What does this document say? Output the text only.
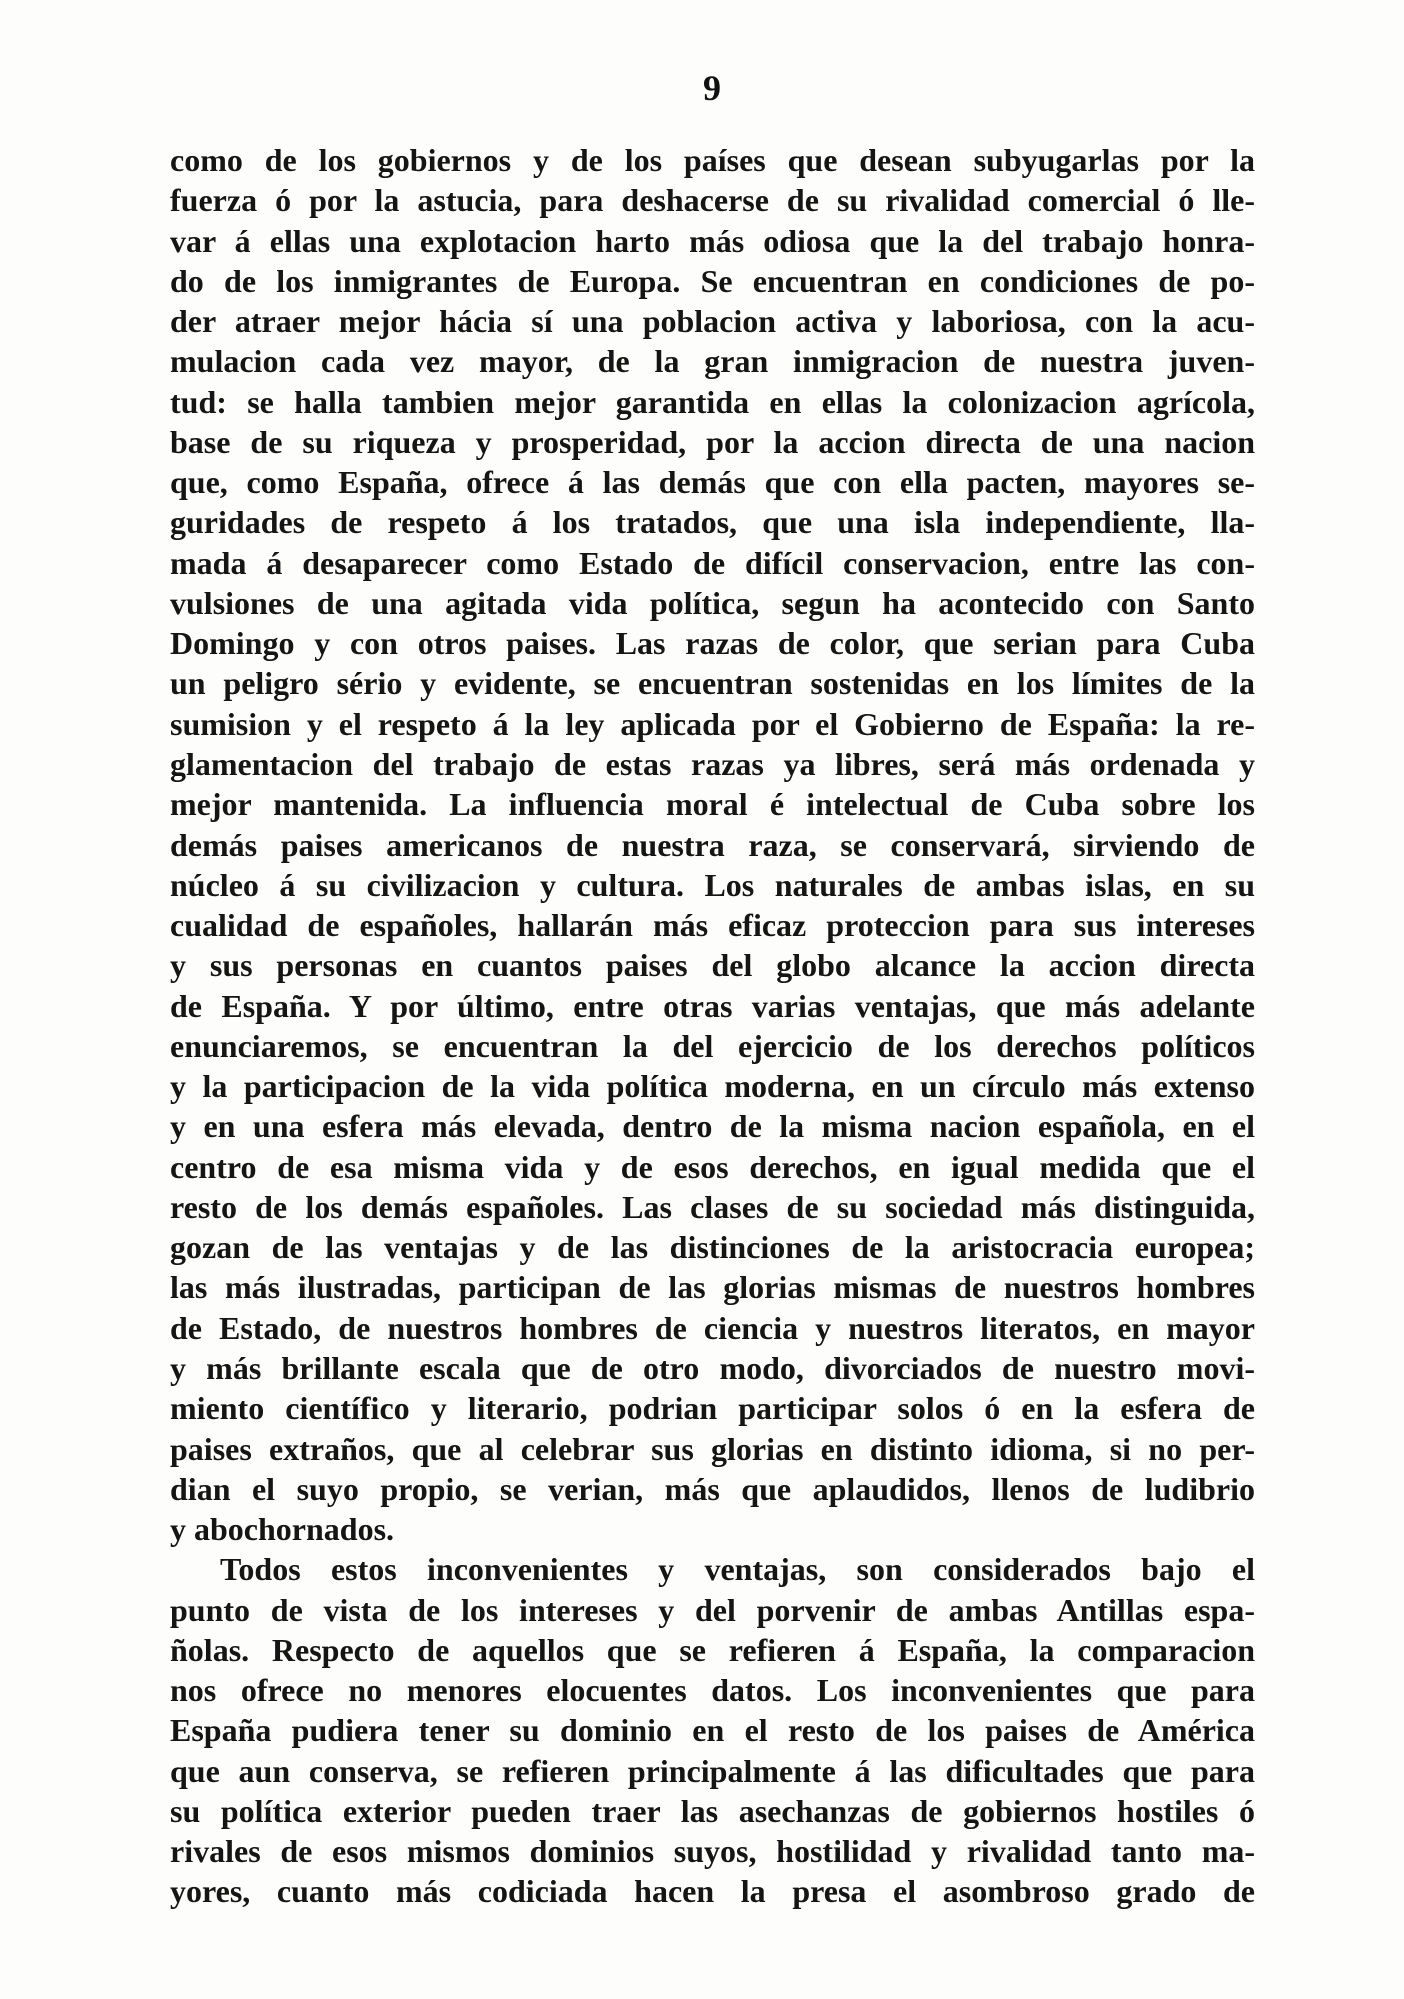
9
como de los gobiernos y de los países que desean subyugarlas por la
fuerza ó por la astucia, para deshacerse de su rivalidad comercial ó lle-
var á ellas una explotacion harto más odiosa que la del trabajo honra-
do de los inmigrantes de Europa. Se encuentran en condiciones de po-
der atraer mejor hácia sí una poblacion activa y laboriosa, con la acu-
mulacion cada vez mayor, de la gran inmigracion de nuestra juven-
tud: se halla tambien mejor garantida en ellas la colonizacion agrícola,
base de su riqueza y prosperidad, por la accion directa de una nacion
que, como España, ofrece á las demás que con ella pacten, mayores se-
guridades de respeto á los tratados, que una isla independiente, lla-
mada á desaparecer como Estado de difícil conservacion, entre las con-
vulsiones de una agitada vida política, segun ha acontecido con Santo
Domingo y con otros paises. Las razas de color, que serian para Cuba
un peligro sério y evidente, se encuentran sostenidas en los límites de la
sumision y el respeto á la ley aplicada por el Gobierno de España: la re-
glamentacion del trabajo de estas razas ya libres, será más ordenada y
mejor mantenida. La influencia moral é intelectual de Cuba sobre los
demás paises americanos de nuestra raza, se conservará, sirviendo de
núcleo á su civilizacion y cultura. Los naturales de ambas islas, en su
cualidad de españoles, hallarán más eficaz proteccion para sus intereses
y sus personas en cuantos paises del globo alcance la accion directa
de España. Y por último, entre otras varias ventajas, que más adelante
enunciaremos, se encuentran la del ejercicio de los derechos políticos
y la participacion de la vida política moderna, en un círculo más extenso
y en una esfera más elevada, dentro de la misma nacion española, en el
centro de esa misma vida y de esos derechos, en igual medida que el
resto de los demás españoles. Las clases de su sociedad más distinguida,
gozan de las ventajas y de las distinciones de la aristocracia europea;
las más ilustradas, participan de las glorias mismas de nuestros hombres
de Estado, de nuestros hombres de ciencia y nuestros literatos, en mayor
y más brillante escala que de otro modo, divorciados de nuestro movi-
miento científico y literario, podrian participar solos ó en la esfera de
paises extraños, que al celebrar sus glorias en distinto idioma, si no per-
dian el suyo propio, se verian, más que aplaudidos, llenos de ludibrio
y abochornados.
Todos estos inconvenientes y ventajas, son considerados bajo el
punto de vista de los intereses y del porvenir de ambas Antillas espa-
ñolas. Respecto de aquellos que se refieren á España, la comparacion
nos ofrece no menores elocuentes datos. Los inconvenientes que para
España pudiera tener su dominio en el resto de los paises de América
que aun conserva, se refieren principalmente á las dificultades que para
su política exterior pueden traer las asechanzas de gobiernos hostiles ó
rivales de esos mismos dominios suyos, hostilidad y rivalidad tanto ma-
yores, cuanto más codiciada hacen la presa el asombroso grado de
